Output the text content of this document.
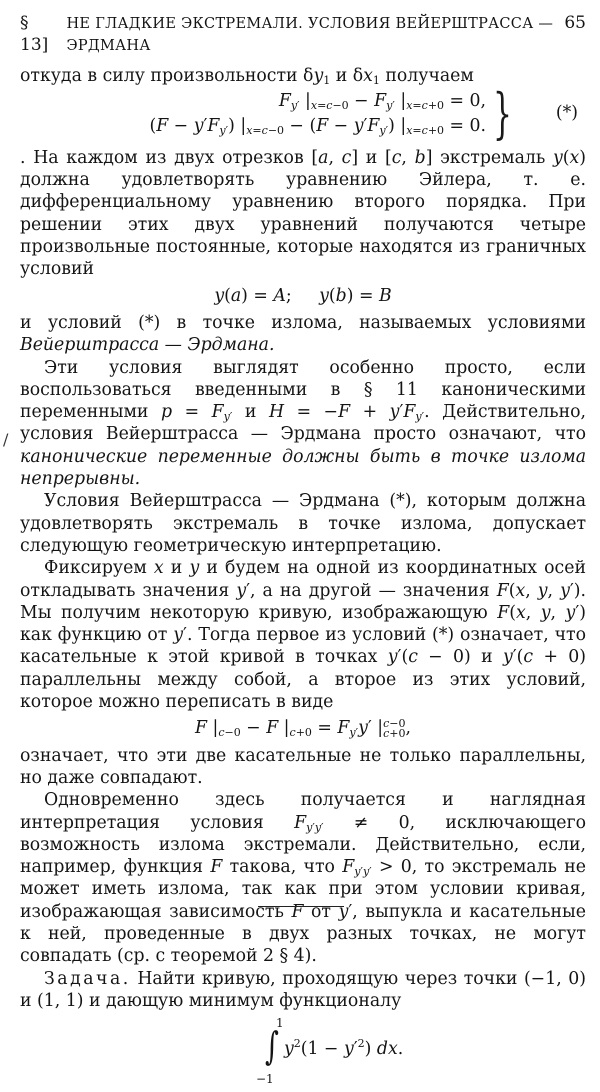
§ 13]
НЕ ГЛАДКИЕ ЭКСТРЕМАЛИ. УСЛОВИЯ ВЕЙЕРШТРАССА — ЭРДМАНА
65

откуда в силу произвольности $\delta y_1$ и $\delta x_1$ получаем

$F_{y'}$ $|_{x=c-0} - F_{y'}$ $|_{x=c+0} = 0$,
$(F - y'F_{y'})$ $|_{x=c-0} - (F - y'F_{y'}) |_{x=c+0} = 0$. }	(*)

. На каждом из двух отрезков [a, c] и [c, b] экстремаль y(x) должна удовлетворять уравнению Эйлера, т. е. дифференциальному уравнению второго порядка. При решении этих двух уравнений получаются четыре произвольные постоянные, которые находятся из граничных условий

y(a) = A;     y(b) = B

и условий (*) в точке излома, называемых условиями Вейерштрасса — Эрдмана.

Эти условия выглядят особенно просто, если воспользоваться введенными в § 11 каноническими переменными $p = F_{y'}$ и $H = -F + y'F_{y'}$. Действительно, условия Вейерштрасса — Эрдмана просто означают, что канонические переменные должны быть в точке излома непрерывны.

Условия Вейерштрасса — Эрдмана (*), которым должна удовлетворять экстремаль в точке излома, допускает следующую геометрическую интерпретацию.

Фиксируем x и y и будем на одной из координатных осей откладывать значения y′, а на другой — значения F(x, y, y′). Мы получим некоторую кривую, изображающую F(x, y, y′) как функцию от y′. Тогда первое из условий (*) означает, что касательные к этой кривой в точках y′(c − 0) и y′(c + 0) параллельны между собой, а второе из этих условий, которое можно переписать в виде

F $|_{c-0} - F$ $|_{c+0} = F_{y'}y'$ |c−0
c+0,

означает, что эти две касательные не только параллельны, но даже совпадают.

Одновременно здесь получается и наглядная интерпретация условия $F_{y'y'} \ne 0$, исключающего возможность излома экстремали. Действительно, если, например, функция F такова, что $F_{y'y'} > 0$, то экстремаль не может иметь излома, так как при этом условии кривая, изображающая зависимость F от y′, выпукла и касательные к ней, проведенные в двух разных точках, не могут совпадать (ср. с теоремой 2 § 4).

Задача. Найти кривую, проходящую через точки (−1, 0) и (1, 1) и дающую минимум функционалу

1
∫
−1
$y^2(1 - y'^2)$ dx.
/
